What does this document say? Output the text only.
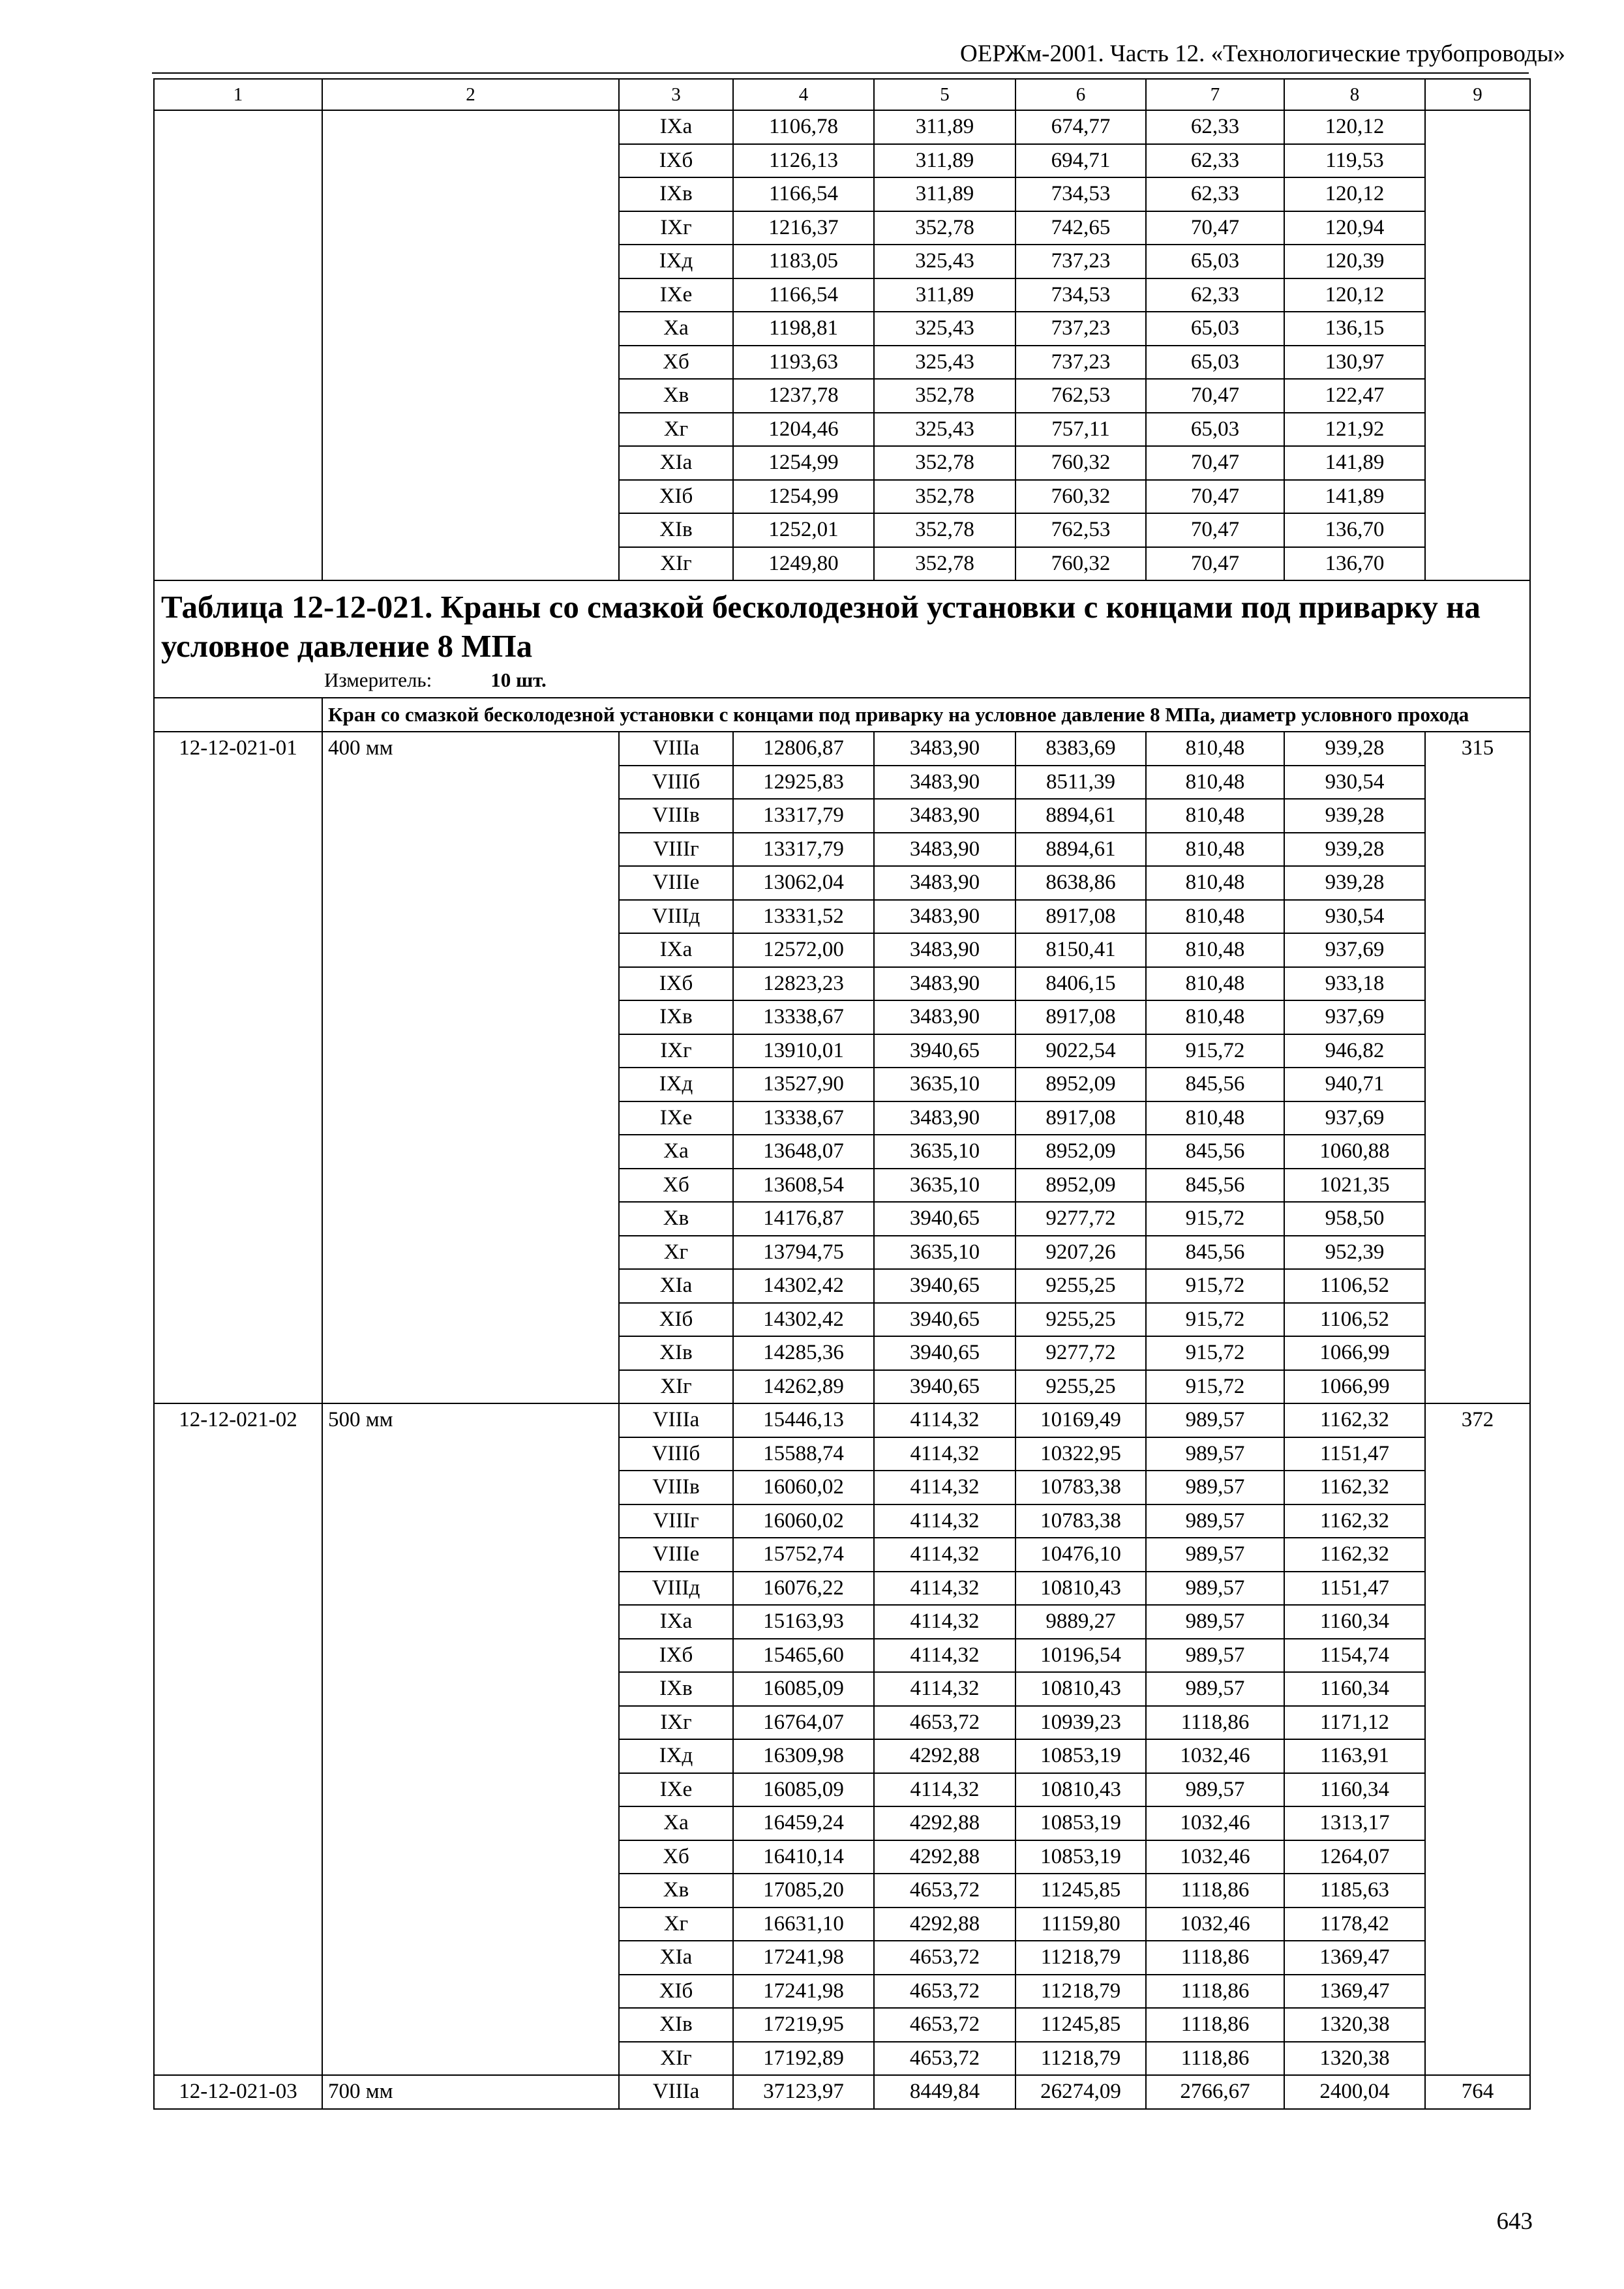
ОЕРЖм-2001. Часть 12. «Технологические трубопроводы»
1	2	3	4	5	6	7	8	9
		IXа	1106,78	311,89	674,77	62,33	120,12	
		IXб	1126,13	311,89	694,71	62,33	119,53	
		IXв	1166,54	311,89	734,53	62,33	120,12	
		IXг	1216,37	352,78	742,65	70,47	120,94	
		IXд	1183,05	325,43	737,23	65,03	120,39	
		IXе	1166,54	311,89	734,53	62,33	120,12	
		Xа	1198,81	325,43	737,23	65,03	136,15	
		Xб	1193,63	325,43	737,23	65,03	130,97	
		Xв	1237,78	352,78	762,53	70,47	122,47	
		Xг	1204,46	325,43	757,11	65,03	121,92	
		XIа	1254,99	352,78	760,32	70,47	141,89	
		XIб	1254,99	352,78	760,32	70,47	141,89	
		XIв	1252,01	352,78	762,53	70,47	136,70	
		XIг	1249,80	352,78	760,32	70,47	136,70	

Таблица 12-12-021. Краны со смазкой бесколодезной установки с концами под приварку на условное давление 8 МПа
Измеритель: 10 шт.								

	Кран со смазкой бесколодезной установки с концами под приварку на условное давление 8 МПа, диаметр условного прохода							
12-12-021-01	400 мм	VIIIа	12806,87	3483,90	8383,69	810,48	939,28	315
		VIIIб	12925,83	3483,90	8511,39	810,48	930,54	
		VIIIв	13317,79	3483,90	8894,61	810,48	939,28	
		VIIIг	13317,79	3483,90	8894,61	810,48	939,28	
		VIIIе	13062,04	3483,90	8638,86	810,48	939,28	
		VIIIд	13331,52	3483,90	8917,08	810,48	930,54	
		IXа	12572,00	3483,90	8150,41	810,48	937,69	
		IXб	12823,23	3483,90	8406,15	810,48	933,18	
		IXв	13338,67	3483,90	8917,08	810,48	937,69	
		IXг	13910,01	3940,65	9022,54	915,72	946,82	
		IXд	13527,90	3635,10	8952,09	845,56	940,71	
		IXе	13338,67	3483,90	8917,08	810,48	937,69	
		Xа	13648,07	3635,10	8952,09	845,56	1060,88	
		Xб	13608,54	3635,10	8952,09	845,56	1021,35	
		Xв	14176,87	3940,65	9277,72	915,72	958,50	
		Xг	13794,75	3635,10	9207,26	845,56	952,39	
		XIа	14302,42	3940,65	9255,25	915,72	1106,52	
		XIб	14302,42	3940,65	9255,25	915,72	1106,52	
		XIв	14285,36	3940,65	9277,72	915,72	1066,99	
		XIг	14262,89	3940,65	9255,25	915,72	1066,99	
12-12-021-02	500 мм	VIIIа	15446,13	4114,32	10169,49	989,57	1162,32	372
		VIIIб	15588,74	4114,32	10322,95	989,57	1151,47	
		VIIIв	16060,02	4114,32	10783,38	989,57	1162,32	
		VIIIг	16060,02	4114,32	10783,38	989,57	1162,32	
		VIIIе	15752,74	4114,32	10476,10	989,57	1162,32	
		VIIIд	16076,22	4114,32	10810,43	989,57	1151,47	
		IXа	15163,93	4114,32	9889,27	989,57	1160,34	
		IXб	15465,60	4114,32	10196,54	989,57	1154,74	
		IXв	16085,09	4114,32	10810,43	989,57	1160,34	
		IXг	16764,07	4653,72	10939,23	1118,86	1171,12	
		IXд	16309,98	4292,88	10853,19	1032,46	1163,91	
		IXе	16085,09	4114,32	10810,43	989,57	1160,34	
		Xа	16459,24	4292,88	10853,19	1032,46	1313,17	
		Xб	16410,14	4292,88	10853,19	1032,46	1264,07	
		Xв	17085,20	4653,72	11245,85	1118,86	1185,63	
		Xг	16631,10	4292,88	11159,80	1032,46	1178,42	
		XIа	17241,98	4653,72	11218,79	1118,86	1369,47	
		XIб	17241,98	4653,72	11218,79	1118,86	1369,47	
		XIв	17219,95	4653,72	11245,85	1118,86	1320,38	
		XIг	17192,89	4653,72	11218,79	1118,86	1320,38	
12-12-021-03	700 мм	VIIIа	37123,97	8449,84	26274,09	2766,67	2400,04	764
643
